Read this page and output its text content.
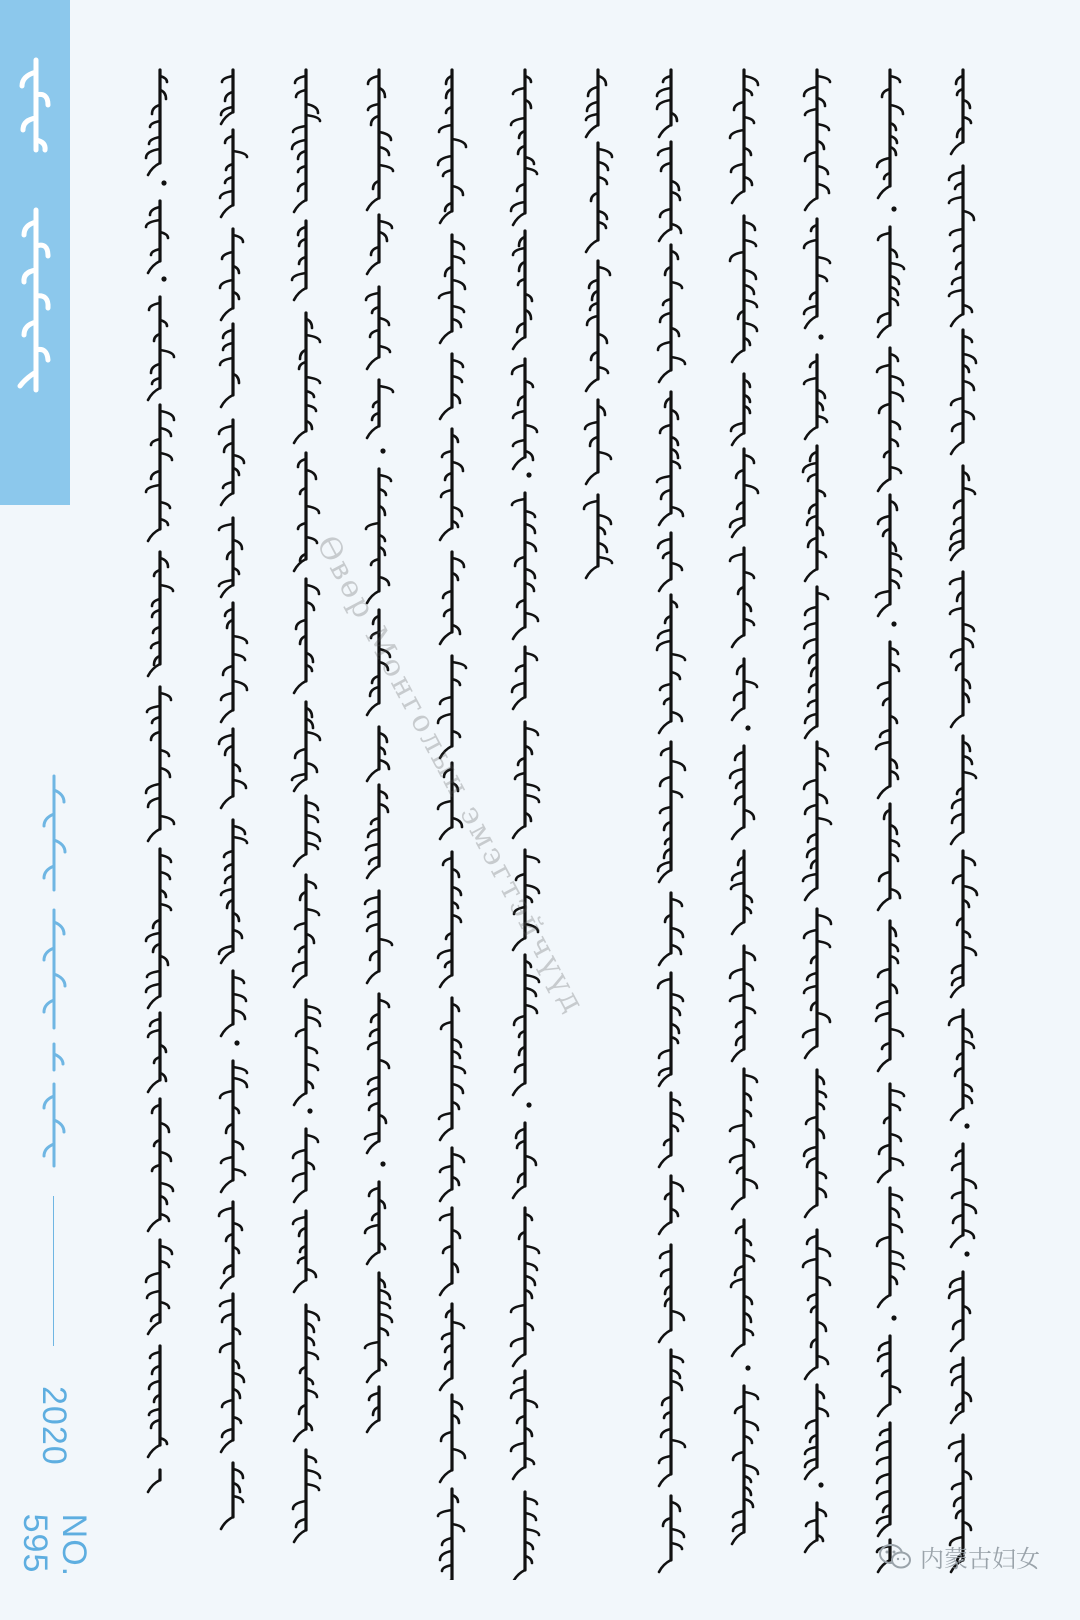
2020
NO. 595
Өвөр Монголын эмэгтэйчүүд
内蒙古妇女
